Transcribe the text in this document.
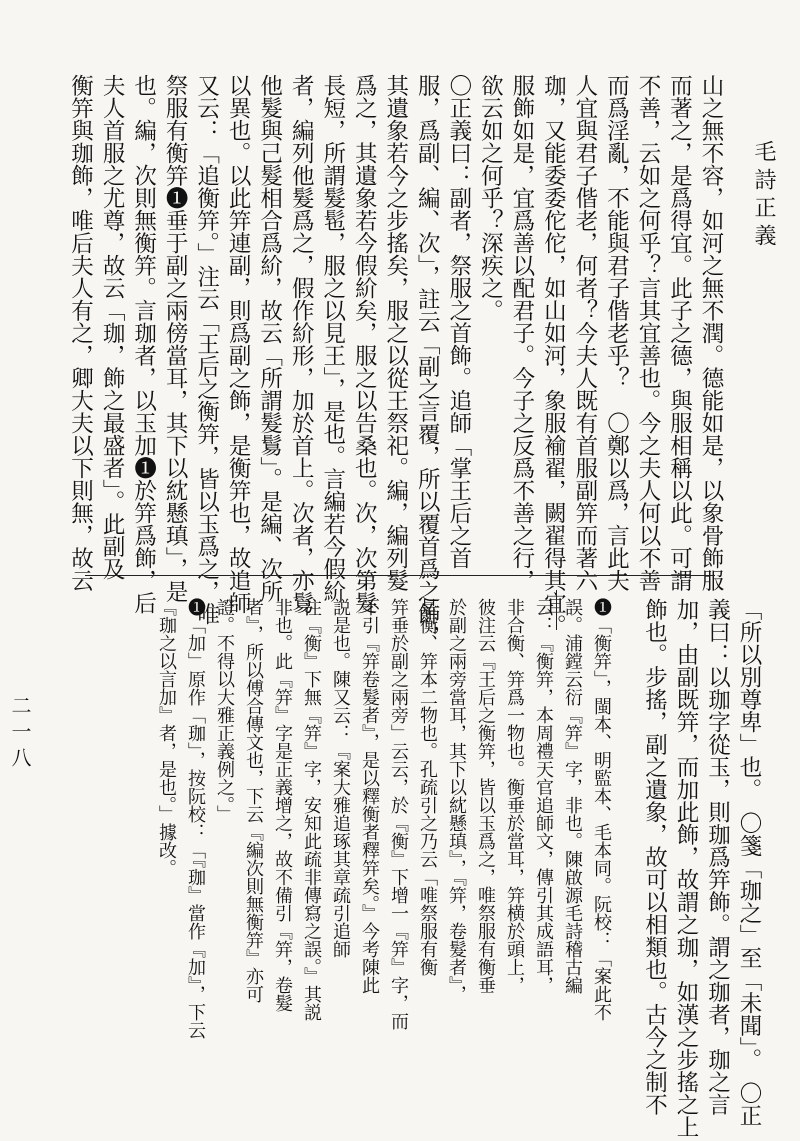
毛詩正義
二一八
山之無不容，如河之無不潤。德能如是，以象骨飾服
而著之，是爲得宜。此子之德，與服相稱以此。可謂
不善，云如之何乎？言其宜善也。今之夫人何以不善
而爲淫亂，不能與君子偕老乎？　〇鄭以爲，言此夫
人宜與君子偕老，何者？今夫人既有首服副笄而著六
珈，又能委委佗佗，如山如河，象服褕翟，闕翟得其宜。
服飾如是，宜爲善以配君子。今子之反爲不善之行，
欲云如之何乎？深疾之。
〇正義曰：副者，祭服之首飾。追師「掌王后之首
服，爲副、編、次」，註云「副之言覆，所以覆首爲之飾，
其遺象若今之步搖矣，服之以從王祭祀。編，編列髮
爲之，其遺象若今假紒矣，服之以告桑也。次，次第髮
長短，所謂髮髢，服之以見王」，是也。言編若今假紒
者，編列他髮爲之，假作紒形，加於首上。次者，亦鬄
他髮與己髮相合爲紒，故云「所謂髮鬄」。是編、次所
以異也。以此笄連副，則爲副之飾，是衡笄也，故追師
又云：「追衡笄。」注云「王后之衡笄，皆以玉爲之，唯
祭服有衡笄❶垂于副之兩傍當耳，其下以紞懸瑱」，是
也。編，次則無衡笄。言珈者，以玉加❶於笄爲飾，后
夫人首服之尤尊，故云「珈，飾之最盛者」。此副及
衡笄與珈飾，唯后夫人有之，卿大夫以下則無，故云
「所以別尊卑」也。　〇箋「珈之」至「未聞」。　〇正
義曰：以珈字從玉，則珈爲笄飾。謂之珈者，珈之言
加，由副既笄，而加此飾，故謂之珈，如漢之步搖之上
飾也。步搖，副之遺象，故可以相類也。古今之制不
❶「衡笄」，閩本、明監本、毛本同。阮校：「案此不
誤。浦鏜云衍『笄』字，非也。陳啟源毛詩稽古編
云：『衡笄，本周禮天官追師文，傳引其成語耳，
非合衡、笄爲一物也。衡垂於當耳，笄横於頭上，
彼注云『王后之衡笄，皆以玉爲之，唯祭服有衡垂
於副之兩旁當耳，其下以紞懸瑱』，『笄，卷髮者』，
是衡、笄本二物也。孔疏引之乃云「唯祭服有衡
笄垂於副之兩旁」云云，於『衡』下增一『笄』字，而
不引『笄卷髮者』，是以釋衡者釋笄矣。』今考陳此
説是也。陳又云：『案大雅追琢其章疏引追師
注『衡』下無『笄』字，安知此疏非傳寫之誤。』其説
非也。此『笄』字是正義增之，故不備引『笄，卷髮
者』，所以傅合傳文也，下云『編次則無衡笄』亦可
證。不得以大雅正義例之。」
❶「加」原作「珈」，按阮校：「『珈』當作『加』，下云
『珈之以言加』者，是也。」據改。
